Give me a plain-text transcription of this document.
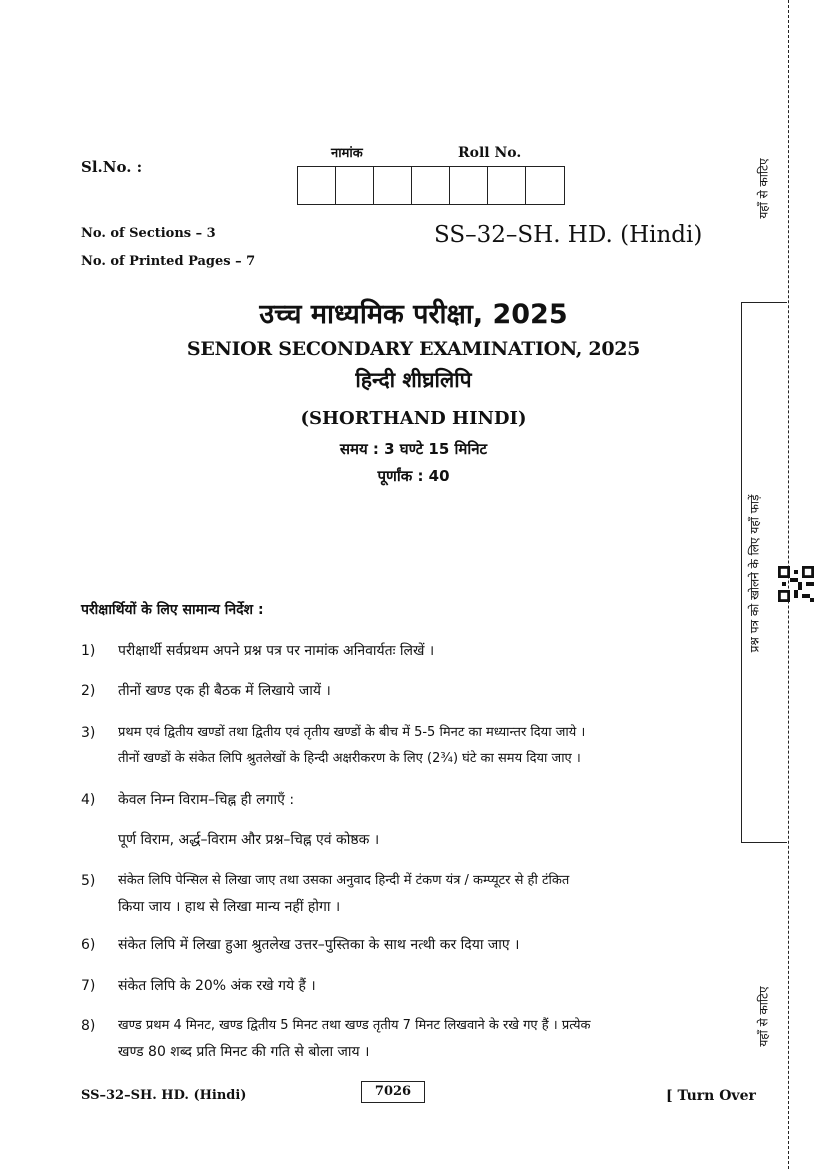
Sl.No. :
नामांक	Roll No.
No. of Sections – 3
No. of Printed Pages – 7
SS–32–SH. HD. (Hindi)
उच्च माध्यमिक परीक्षा, 2025
SENIOR SECONDARY EXAMINATION, 2025
हिन्दी शीघ्रलिपि
(SHORTHAND HINDI)
समय : 3 घण्टे 15 मिनिट
पूर्णांक : 40
परीक्षार्थियों के लिए सामान्य निर्देश :
1)	परीक्षार्थी सर्वप्रथम अपने प्रश्न पत्र पर नामांक अनिवार्यतः लिखें ।
2)	तीनों खण्ड एक ही बैठक में लिखाये जायें ।
3)	प्रथम एवं द्वितीय खण्डों तथा द्वितीय एवं तृतीय खण्डों के बीच में 5-5 मिनट का मध्यान्तर दिया जाये ।
तीनों खण्डों के संकेत लिपि श्रुतलेखों के हिन्दी अक्षरीकरण के लिए (2¾) घंटे का समय दिया जाए ।
4)	केवल निम्न विराम–चिह्न ही लगाएँ :
पूर्ण विराम, अर्द्ध–विराम और प्रश्न–चिह्न एवं कोष्ठक ।
5)	संकेत लिपि पेन्सिल से लिखा जाए तथा उसका अनुवाद हिन्दी में टंकण यंत्र / कम्प्यूटर से ही टंकित
किया जाय । हाथ से लिखा मान्य नहीं होगा ।
6)	संकेत लिपि में लिखा हुआ श्रुतलेख उत्तर–पुस्तिका के साथ नत्थी कर दिया जाए ।
7)	संकेत लिपि के 20% अंक रखे गये हैं ।
8)	खण्ड प्रथम 4 मिनट, खण्ड द्वितीय 5 मिनट तथा खण्ड तृतीय 7 मिनट लिखवाने के रखे गए हैं । प्रत्येक
खण्ड 80 शब्द प्रति मिनट की गति से बोला जाय ।
यहाँ से काटिए
प्रश्न पत्र को खोलने के लिए यहाँ फाड़ें
यहाँ से काटिए
SS–32–SH. HD. (Hindi)	7026	[ Turn Over
